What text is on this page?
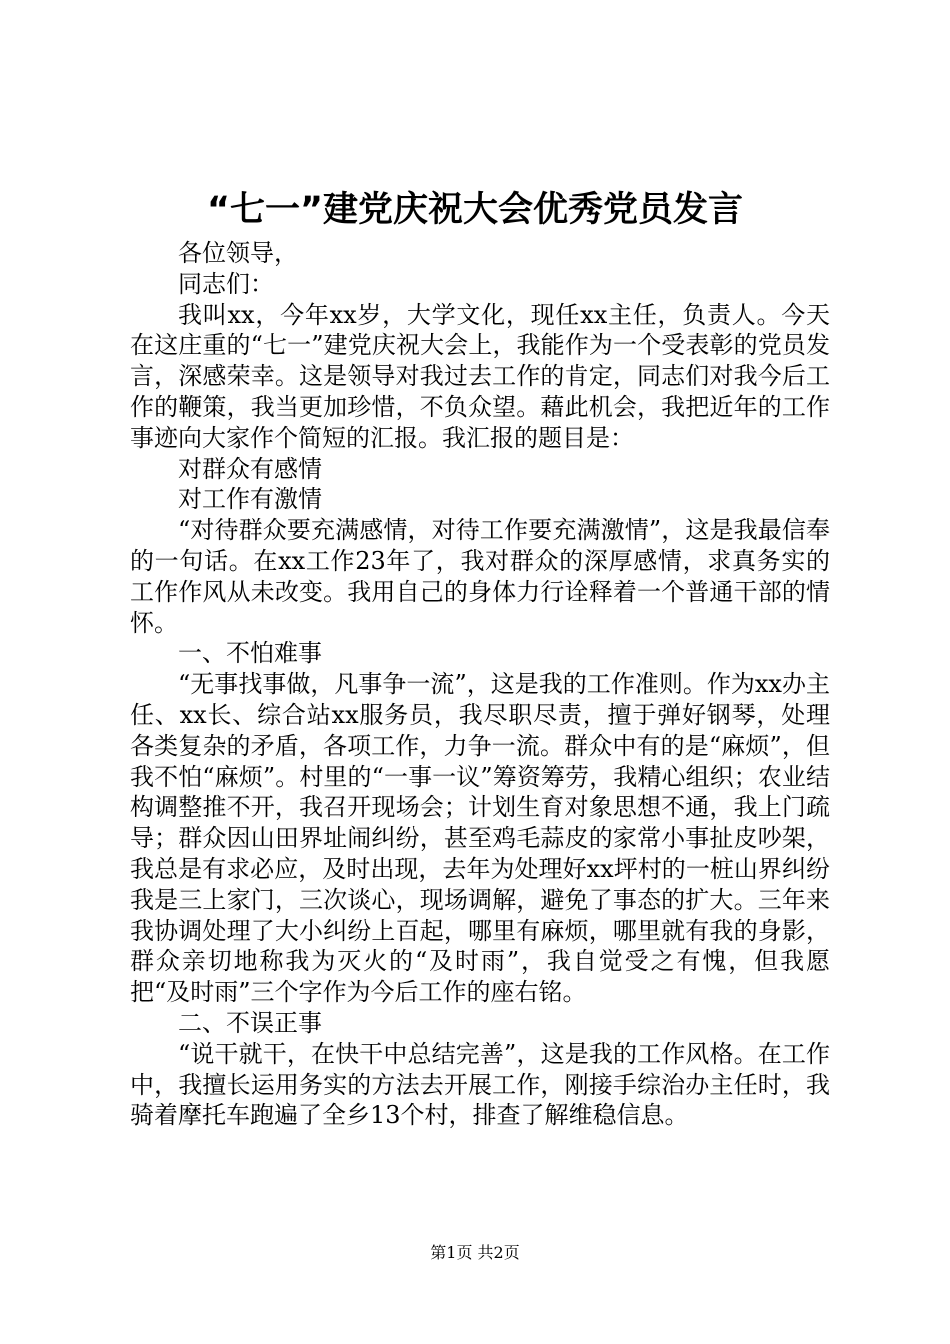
“七一”建党庆祝大会优秀党员发言

各位领导，

同志们：

我叫xx，今年xx岁，大学文化，现任xx主任，负责人。今天在这庄重的“七一”建党庆祝大会上，我能作为一个受表彰的党员发言，深感荣幸。这是领导对我过去工作的肯定，同志们对我今后工作的鞭策，我当更加珍惜，不负众望。藉此机会，我把近年的工作事迹向大家作个简短的汇报。我汇报的题目是：

对群众有感情

对工作有激情

“对待群众要充满感情，对待工作要充满激情”，这是我最信奉的一句话。在xx工作23年了，我对群众的深厚感情，求真务实的工作作风从未改变。我用自己的身体力行诠释着一个普通干部的情怀。

一、不怕难事

“无事找事做，凡事争一流”，这是我的工作准则。作为xx办主任、xx长、综合站xx服务员，我尽职尽责，擅于弹好钢琴，处理各类复杂的矛盾，各项工作，力争一流。群众中有的是“麻烦”，但我不怕“麻烦”。村里的“一事一议”筹资筹劳，我精心组织；农业结构调整推不开，我召开现场会；计划生育对象思想不通，我上门疏导；群众因山田界址闹纠纷，甚至鸡毛蒜皮的家常小事扯皮吵架，我总是有求必应，及时出现，去年为处理好xx坪村的一桩山界纠纷我是三上家门，三次谈心，现场调解，避免了事态的扩大。三年来我协调处理了大小纠纷上百起，哪里有麻烦，哪里就有我的身影，群众亲切地称我为灭火的“及时雨”，我自觉受之有愧，但我愿把“及时雨”三个字作为今后工作的座右铭。

二、不误正事

“说干就干，在快干中总结完善”，这是我的工作风格。在工作中，我擅长运用务实的方法去开展工作，刚接手综治办主任时，我骑着摩托车跑遍了全乡13个村，排查了解维稳信息。

第1页 共2页
